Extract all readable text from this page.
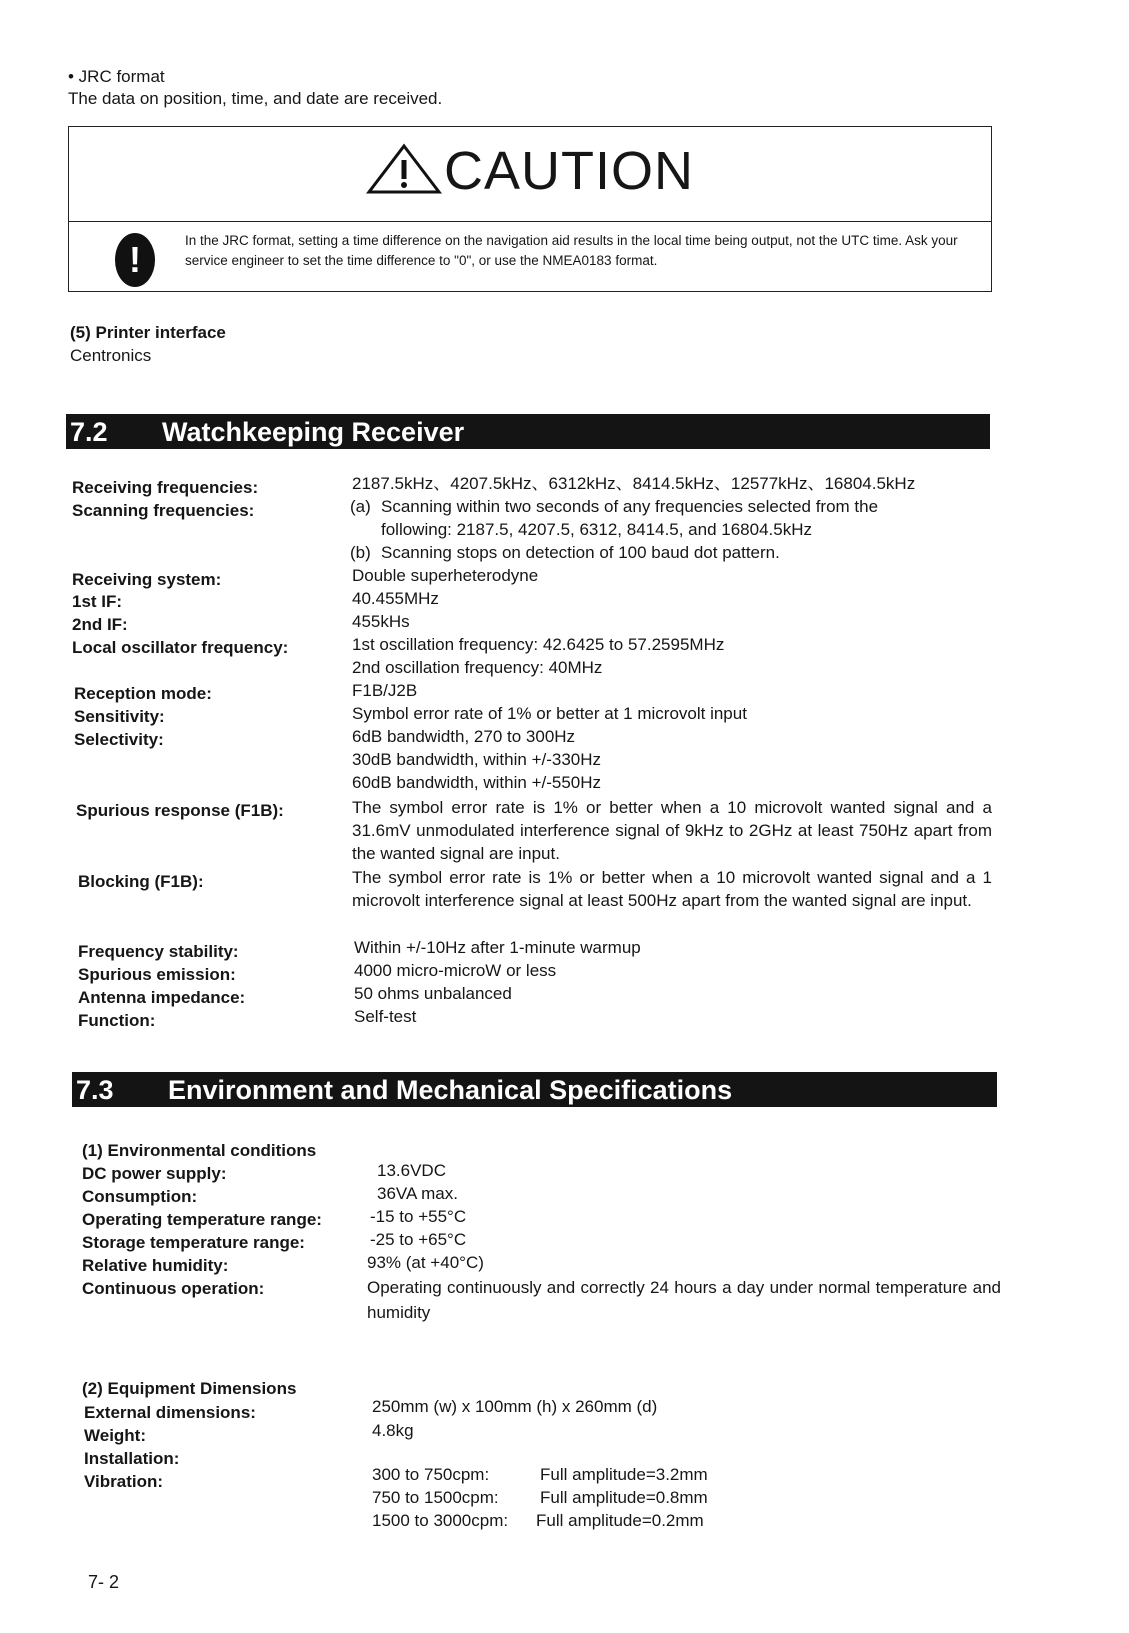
• JRC format
The data on position, time, and date are received.
CAUTION
!	In the JRC format, setting a time difference on the navigation aid results in the local time being output, not the UTC time. Ask your service engineer to set the time difference to "0", or use the NMEA0183 format.
(5) Printer interface
Centronics
7.2 Watchkeeping Receiver
Receiving frequencies:	2187.5kHz、4207.5kHz、6312kHz、8414.5kHz、12577kHz、16804.5kHz
Scanning frequencies:	(a) Scanning within two seconds of any frequencies selected from the
following: 2187.5, 4207.5, 6312, 8414.5, and 16804.5kHz
(b) Scanning stops on detection of 100 baud dot pattern.
Receiving system:	Double superheterodyne
1st IF:	40.455MHz
2nd IF:	455kHs
Local oscillator frequency:	1st oscillation frequency: 42.6425 to 57.2595MHz
2nd oscillation frequency: 40MHz
Reception mode:	F1B/J2B
Sensitivity:	Symbol error rate of 1% or better at 1 microvolt input
Selectivity:	6dB bandwidth, 270 to 300Hz
30dB bandwidth, within +/-330Hz
60dB bandwidth, within +/-550Hz
Spurious response (F1B):	The symbol error rate is 1% or better when a 10 microvolt wanted signal and a 31.6mV unmodulated interference signal of 9kHz to 2GHz at least 750Hz apart from the wanted signal are input.
Blocking (F1B):	The symbol error rate is 1% or better when a 10 microvolt wanted signal and a 1 microvolt interference signal at least 500Hz apart from the wanted signal are input.
Frequency stability:	Within +/-10Hz after 1-minute warmup
Spurious emission:	4000 micro-microW or less
Antenna impedance:	50 ohms unbalanced
Function:	Self-test
7.3 Environment and Mechanical Specifications
(1) Environmental conditions
DC power supply:	13.6VDC
Consumption:	36VA max.
Operating temperature range:	-15 to +55°C
Storage temperature range:	-25 to +65°C
Relative humidity:	93% (at +40°C)
Continuous operation:	Operating continuously and correctly 24 hours a day under normal temperature and humidity
(2) Equipment Dimensions
External dimensions:	250mm (w) x 100mm (h) x 260mm (d)
Weight:	4.8kg
Installation:
Vibration:	300 to 750cpm:	Full amplitude=3.2mm
750 to 1500cpm: Full amplitude=0.8mm
1500 to 3000cpm: Full amplitude=0.2mm
7- 2
